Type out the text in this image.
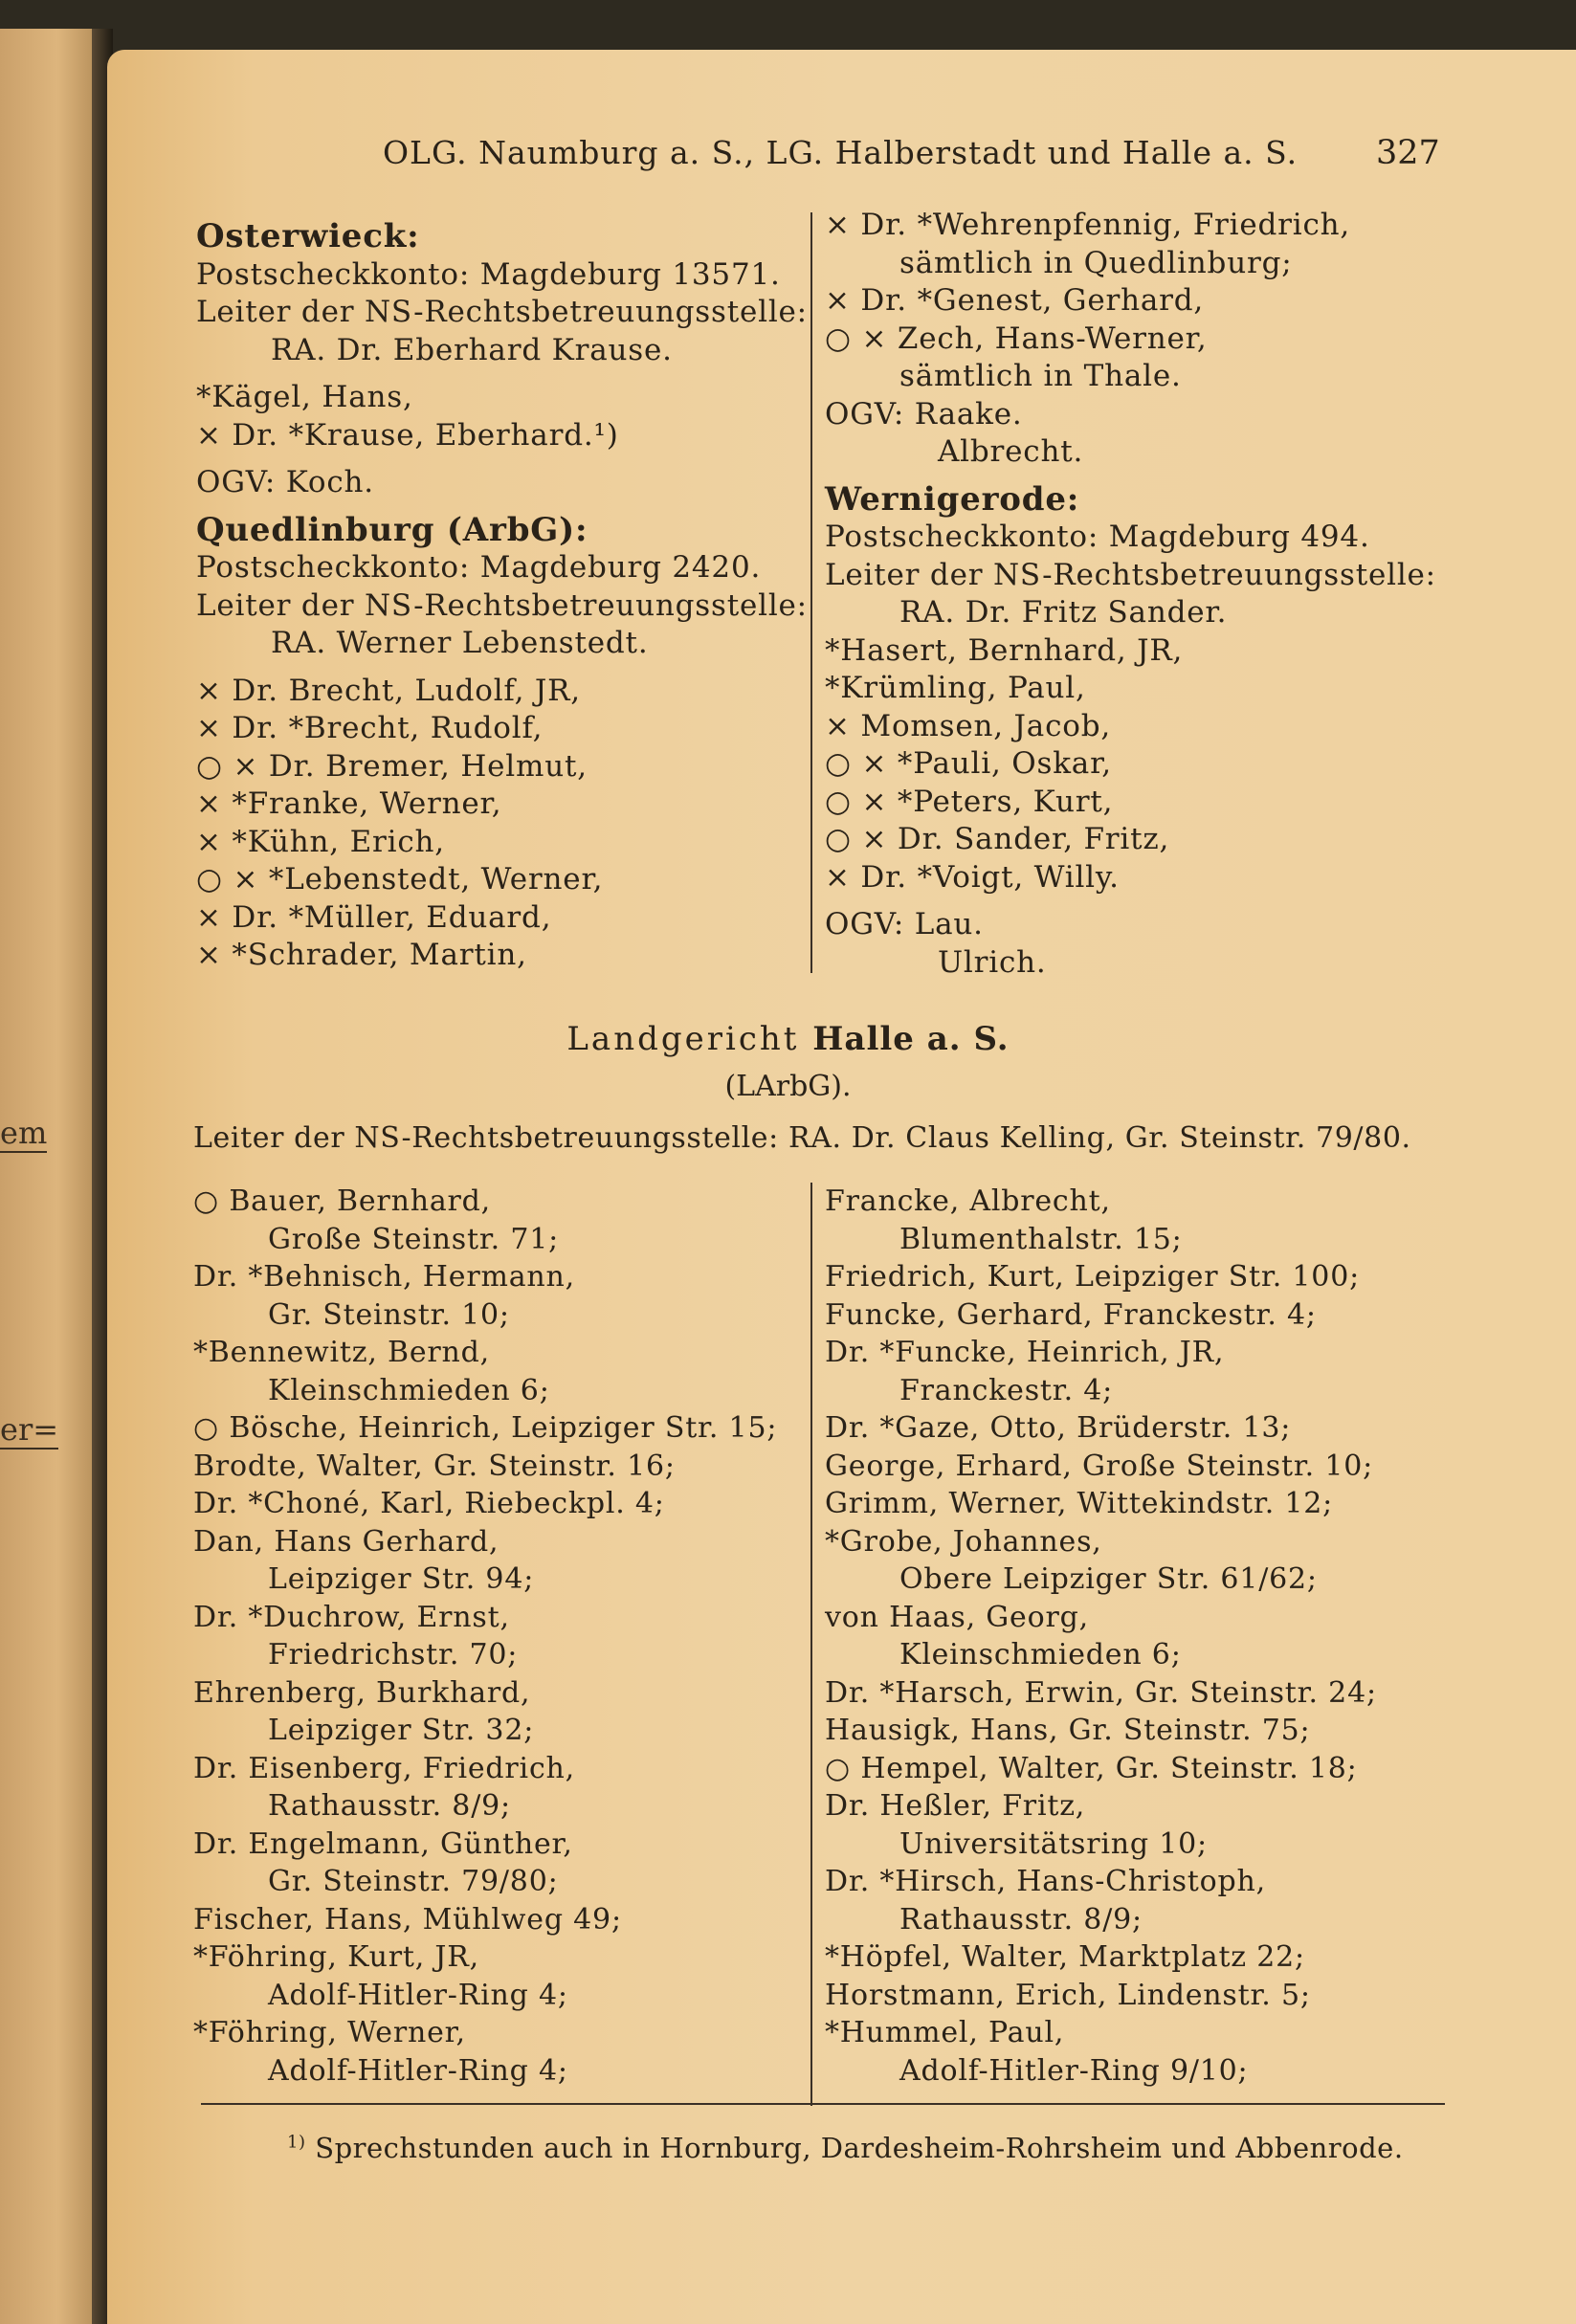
em
er=
OLG. Naumburg a. S., LG. Halberstadt und Halle a. S. 327
Osterwieck:
Postscheckkonto: Magdeburg 13571.
Leiter der NS-Rechtsbetreuungsstelle:
RA. Dr. Eberhard Krause.
*Kägel, Hans,
× Dr. *Krause, Eberhard.¹)
OGV: Koch.
Quedlinburg (ArbG):
Postscheckkonto: Magdeburg 2420.
Leiter der NS-Rechtsbetreuungsstelle:
RA. Werner Lebenstedt.
× Dr. Brecht, Ludolf, JR,
× Dr. *Brecht, Rudolf,
○ × Dr. Bremer, Helmut,
× *Franke, Werner,
× *Kühn, Erich,
○ × *Lebenstedt, Werner,
× Dr. *Müller, Eduard,
× *Schrader, Martin,
× Dr. *Wehrenpfennig, Friedrich,
sämtlich in Quedlinburg;
× Dr. *Genest, Gerhard,
○ × Zech, Hans-Werner,
sämtlich in Thale.
OGV: Raake.
Albrecht.
Wernigerode:
Postscheckkonto: Magdeburg 494.
Leiter der NS-Rechtsbetreuungsstelle:
RA. Dr. Fritz Sander.
*Hasert, Bernhard, JR,
*Krümling, Paul,
× Momsen, Jacob,
○ × *Pauli, Oskar,
○ × *Peters, Kurt,
○ × Dr. Sander, Fritz,
× Dr. *Voigt, Willy.
OGV: Lau.
Ulrich.
Landgericht Halle a. S.
(LArbG).
Leiter der NS-Rechtsbetreuungsstelle: RA. Dr. Claus Kelling, Gr. Steinstr. 79/80.
○ Bauer, Bernhard,
Große Steinstr. 71;
Dr. *Behnisch, Hermann,
Gr. Steinstr. 10;
*Bennewitz, Bernd,
Kleinschmieden 6;
○ Bösche, Heinrich, Leipziger Str. 15;
Brodte, Walter, Gr. Steinstr. 16;
Dr. *Choné, Karl, Riebeckpl. 4;
Dan, Hans Gerhard,
Leipziger Str. 94;
Dr. *Duchrow, Ernst,
Friedrichstr. 70;
Ehrenberg, Burkhard,
Leipziger Str. 32;
Dr. Eisenberg, Friedrich,
Rathausstr. 8/9;
Dr. Engelmann, Günther,
Gr. Steinstr. 79/80;
Fischer, Hans, Mühlweg 49;
*Föhring, Kurt, JR,
Adolf-Hitler-Ring 4;
*Föhring, Werner,
Adolf-Hitler-Ring 4;
Francke, Albrecht,
Blumenthalstr. 15;
Friedrich, Kurt, Leipziger Str. 100;
Funcke, Gerhard, Franckestr. 4;
Dr. *Funcke, Heinrich, JR,
Franckestr. 4;
Dr. *Gaze, Otto, Brüderstr. 13;
George, Erhard, Große Steinstr. 10;
Grimm, Werner, Wittekindstr. 12;
*Grobe, Johannes,
Obere Leipziger Str. 61/62;
von Haas, Georg,
Kleinschmieden 6;
Dr. *Harsch, Erwin, Gr. Steinstr. 24;
Hausigk, Hans, Gr. Steinstr. 75;
○ Hempel, Walter, Gr. Steinstr. 18;
Dr. Heßler, Fritz,
Universitätsring 10;
Dr. *Hirsch, Hans-Christoph,
Rathausstr. 8/9;
*Höpfel, Walter, Marktplatz 22;
Horstmann, Erich, Lindenstr. 5;
*Hummel, Paul,
Adolf-Hitler-Ring 9/10;
$^{1)}$ Sprechstunden auch in Hornburg, Dardesheim-Rohrsheim und Abbenrode.
